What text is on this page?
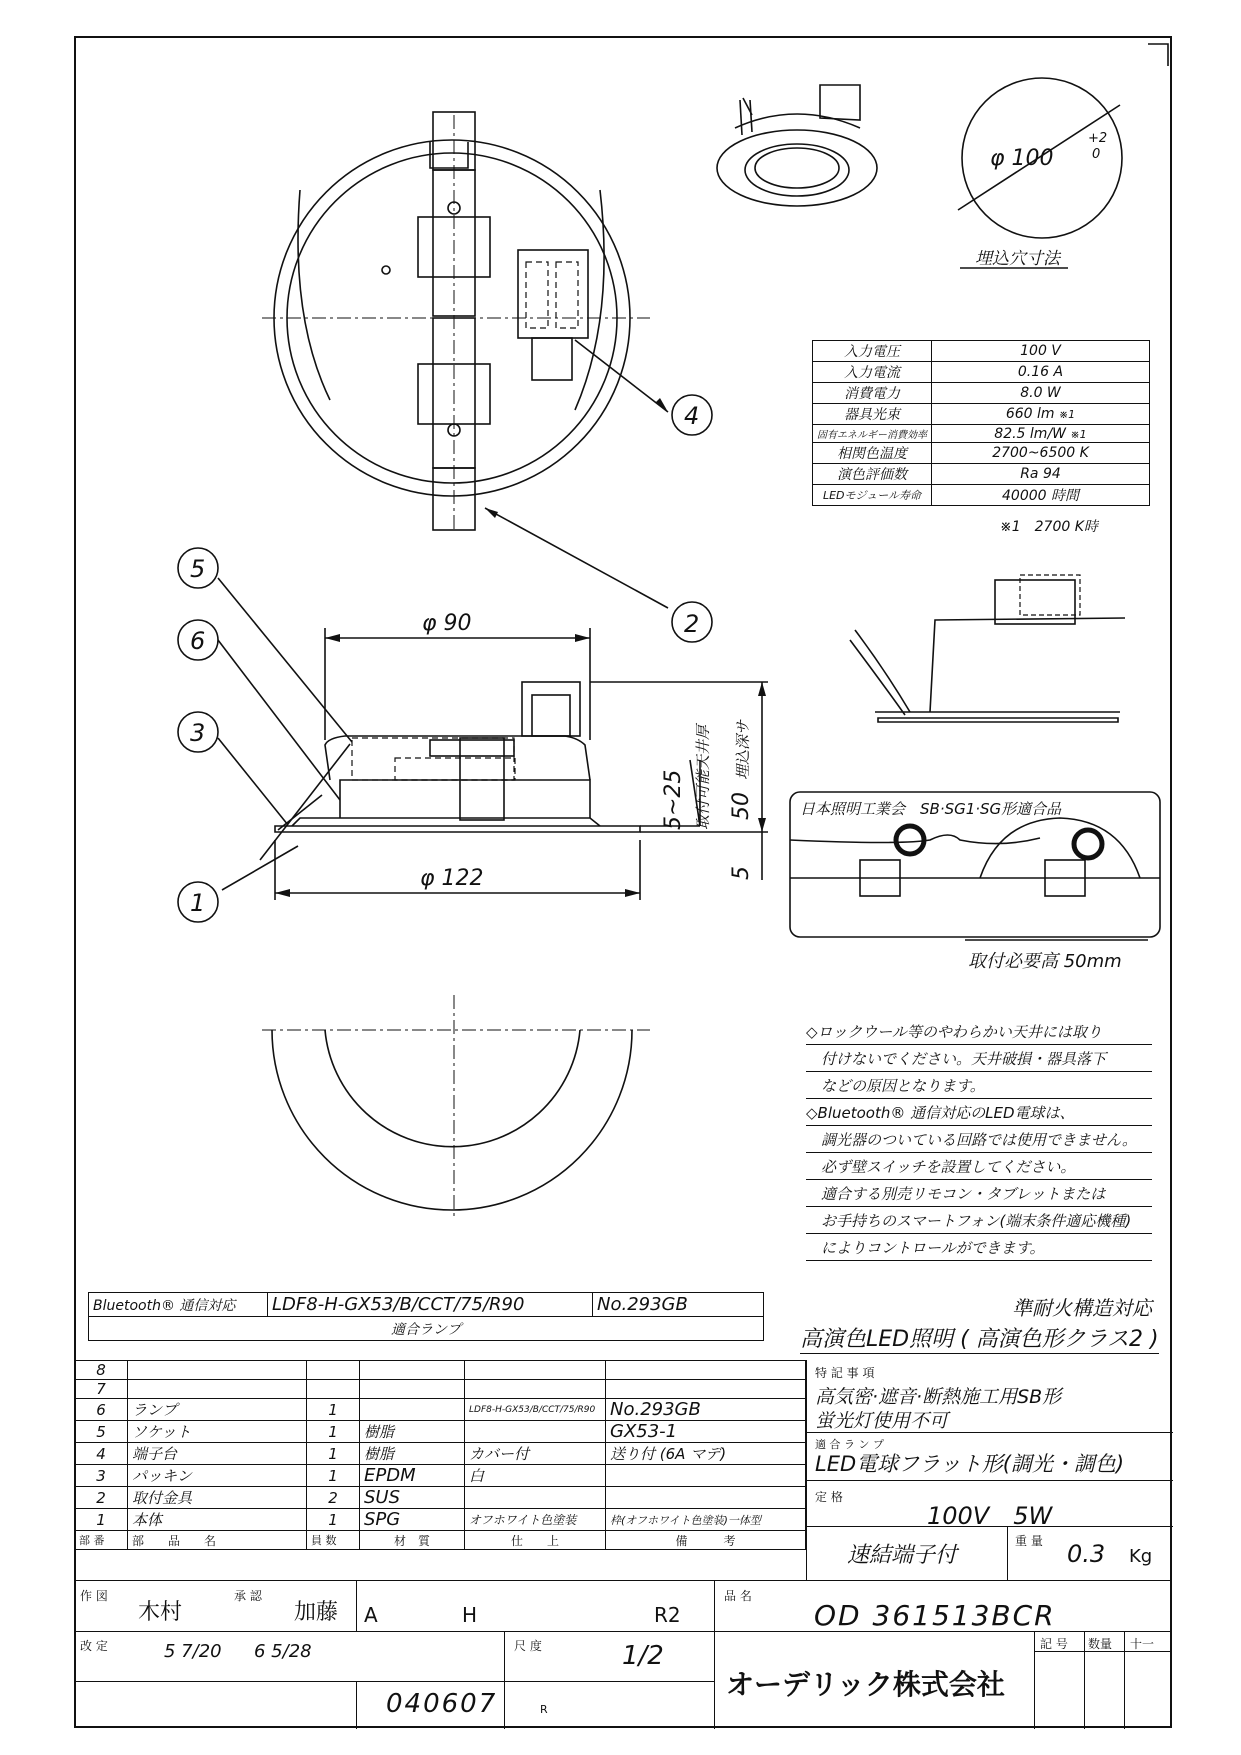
φ 100
+2
0
埋込穴寸法
φ 90
φ 122
5~25 取付可能天井厚 50
埋込深サ
5
4
2
5
6
3
1
日本照明工業会　SB·SG1·SG形適合品
取付必要高 50mm
入力電圧	100 V
入力電流	0.16 A
消費電力	8.0 W
器具光束	660 lm ※1
固有エネルギー消費効率	82.5 lm/W ※1
相関色温度	2700~6500 K
演色評価数	Ra 94
LEDモジュール寿命	40000 時間
※1　2700 K時
◇ロックウール等のやわらかい天井には取り
　付けないでください。天井破損・器具落下
　などの原因となります。
◇Bluetooth® 通信対応のLED電球は、
　調光器のついている回路では使用できません。
　必ず壁スイッチを設置してください。
　適合する別売リモコン・タブレットまたは
　お手持ちのスマートフォン(端末条件適応機種)
　によりコントロールができます。
Bluetooth® 通信対応	LDF8-H-GX53/B/CCT/75/R90	No.293GB
適合ランプ
準耐火構造対応
高演色LED照明 ( 高演色形クラス2 )
8					
7					
6	ランプ	1		LDF8-H-GX53/B/CCT/75/R90	No.293GB
5	ソケット	1	樹脂		GX53-1
4	端子台	1	樹脂	カバー付	送り付 (6A マデ)
3	パッキン	1	EPDM	白	
2	取付金具	2	SUS		
1	本体	1	SPG	オフホワイト色塗装	枠(オフホワイト色塗装)一体型
部 番	部　　品　　名	員 数	材　質	仕　　上	備　　　考
特 記 事 項
高気密·遮音·断熱施工用SB形
蛍光灯使用不可
適 合 ラ ン プ
LED電球フラット形(調光・調色)
定 格
100V　5W
速結端子付
重 量 0.3 Kg
作 図
木村
承 認
加藤 A	H	R2
品 名
OD 361513BCR
改 定	5 7/20 6 5/28	尺 度	1/2
040607	R
オーデリック株式会社
記 号 数量 十一
